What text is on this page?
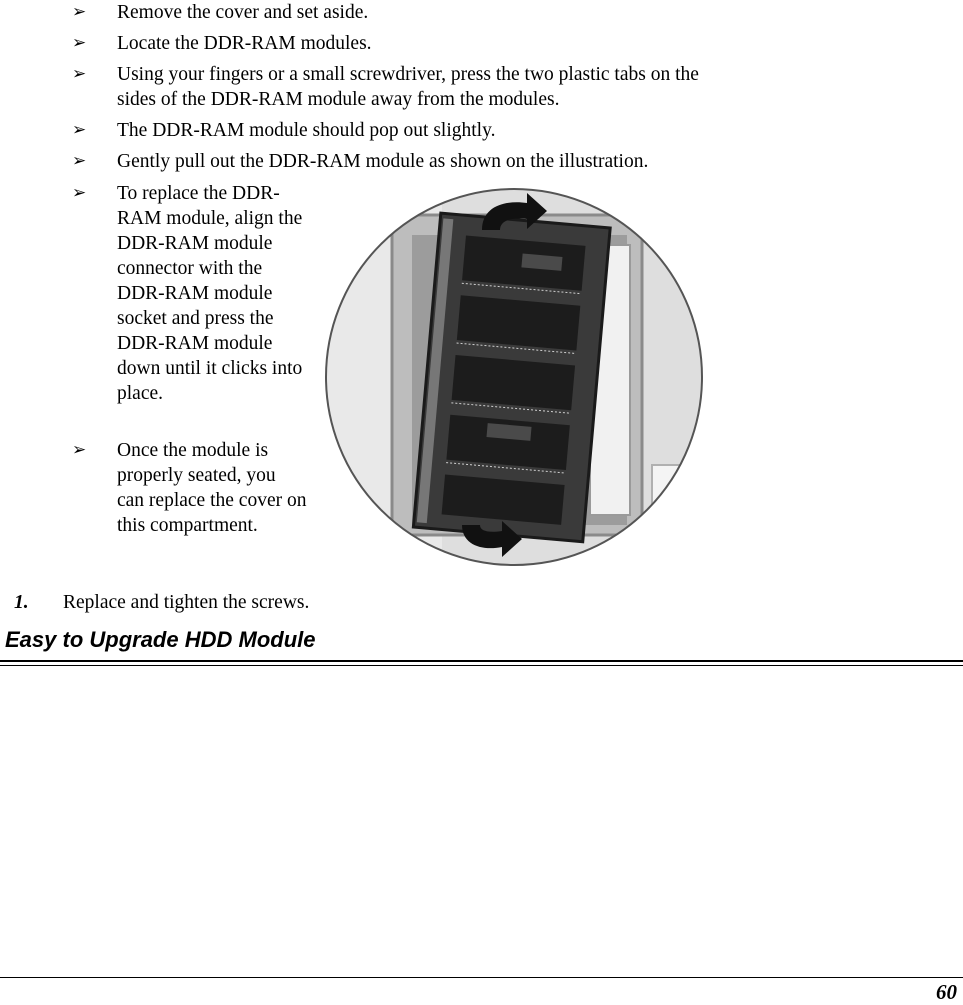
➢ Remove the cover and set aside.
➢ Locate the DDR-RAM modules.
➢ Using your fingers or a small screwdriver, press the two plastic tabs on the sides of the DDR-RAM module away from the modules.
➢ The DDR-RAM module should pop out slightly.
➢ Gently pull out the DDR-RAM module as shown on the illustration.
➢ To replace the DDR-RAM module, align the DDR-RAM module connector with the DDR-RAM module socket and press the DDR-RAM module down until it clicks into place.
➢ Once the module is properly seated, you can replace the cover on this compartment.
1. Replace and tighten the screws.
Easy to Upgrade HDD Module
60
